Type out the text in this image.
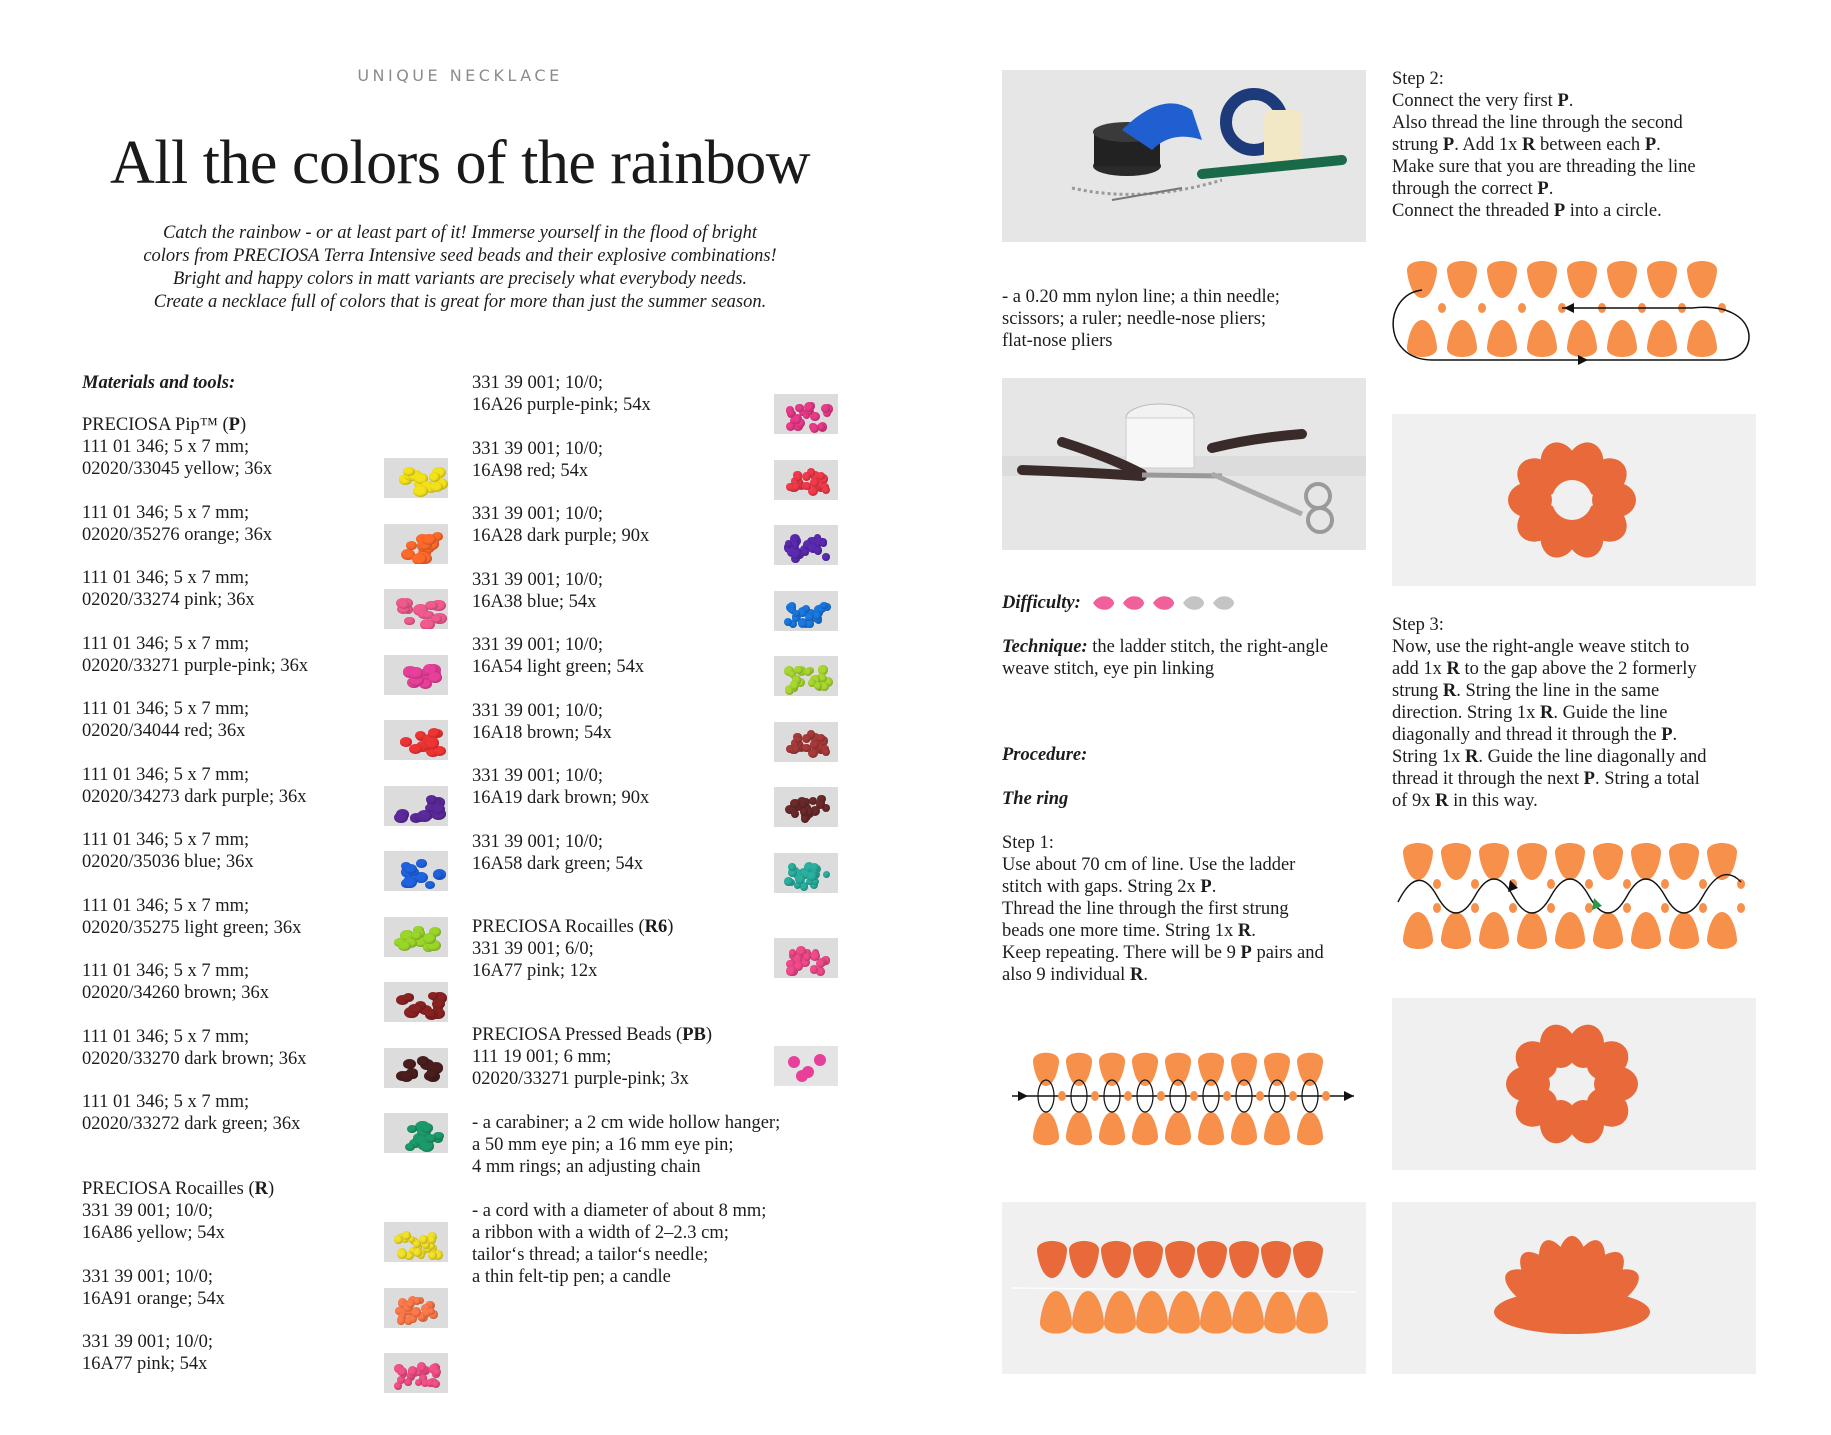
UNIQUE NECKLACE
All the colors of the rainbow
Catch the rainbow - or at least part of it! Immerse yourself in the flood of bright
colors from PRECIOSA Terra Intensive seed beads and their explosive combinations!
Bright and happy colors in matt variants are precisely what everybody needs.
Create a necklace full of colors that is great for more than just the summer season.
Materials and tools:
PRECIOSA Pip™ (P)
111 01 346; 5 x 7 mm;
02020/33045 yellow; 36x
111 01 346; 5 x 7 mm;
02020/35276 orange; 36x
111 01 346; 5 x 7 mm;
02020/33274 pink; 36x
111 01 346; 5 x 7 mm;
02020/33271 purple-pink; 36x
111 01 346; 5 x 7 mm;
02020/34044 red; 36x
111 01 346; 5 x 7 mm;
02020/34273 dark purple; 36x
111 01 346; 5 x 7 mm;
02020/35036 blue; 36x
111 01 346; 5 x 7 mm;
02020/35275 light green; 36x
111 01 346; 5 x 7 mm;
02020/34260 brown; 36x
111 01 346; 5 x 7 mm;
02020/33270 dark brown; 36x
111 01 346; 5 x 7 mm;
02020/33272 dark green; 36x
PRECIOSA Rocailles (R)
331 39 001; 10/0;
16A86 yellow; 54x
331 39 001; 10/0;
16A91 orange; 54x
331 39 001; 10/0;
16A77 pink; 54x
331 39 001; 10/0;
16A26 purple-pink; 54x
331 39 001; 10/0;
16A98 red; 54x
331 39 001; 10/0;
16A28 dark purple; 90x
331 39 001; 10/0;
16A38 blue; 54x
331 39 001; 10/0;
16A54 light green; 54x
331 39 001; 10/0;
16A18 brown; 54x
331 39 001; 10/0;
16A19 dark brown; 90x
331 39 001; 10/0;
16A58 dark green; 54x
PRECIOSA Rocailles (R6)
331 39 001; 6/0;
16A77 pink; 12x
PRECIOSA Pressed Beads (PB)
111 19 001; 6 mm;
02020/33271 purple-pink; 3x
- a carabiner; a 2 cm wide hollow hanger;
a 50 mm eye pin; a 16 mm eye pin;
4 mm rings; an adjusting chain
- a cord with a diameter of about 8 mm;
a ribbon with a width of 2–2.3 cm;
tailor‘s thread; a tailor‘s needle;
a thin felt-tip pen; a candle
- a 0.20 mm nylon line; a thin needle;
scissors; a ruler; needle-nose pliers;
flat-nose pliers
Difficulty:
Technique: the ladder stitch, the right-angle
weave stitch, eye pin linking
Procedure:
The ring
Step 1:
Use about 70 cm of line. Use the ladder
stitch with gaps. String 2x P.
Thread the line through the first strung
beads one more time. String 1x R.
Keep repeating. There will be 9 P pairs and
also 9 individual R.
Step 2:
Connect the very first P.
Also thread the line through the second
strung P. Add 1x R between each P.
Make sure that you are threading the line
through the correct P.
Connect the threaded P into a circle.
Step 3:
Now, use the right-angle weave stitch to
add 1x R to the gap above the 2 formerly
strung R. String the line in the same
direction. String 1x R. Guide the line
diagonally and thread it through the P.
String 1x R. Guide the line diagonally and
thread it through the next P. String a total
of 9x R in this way.
